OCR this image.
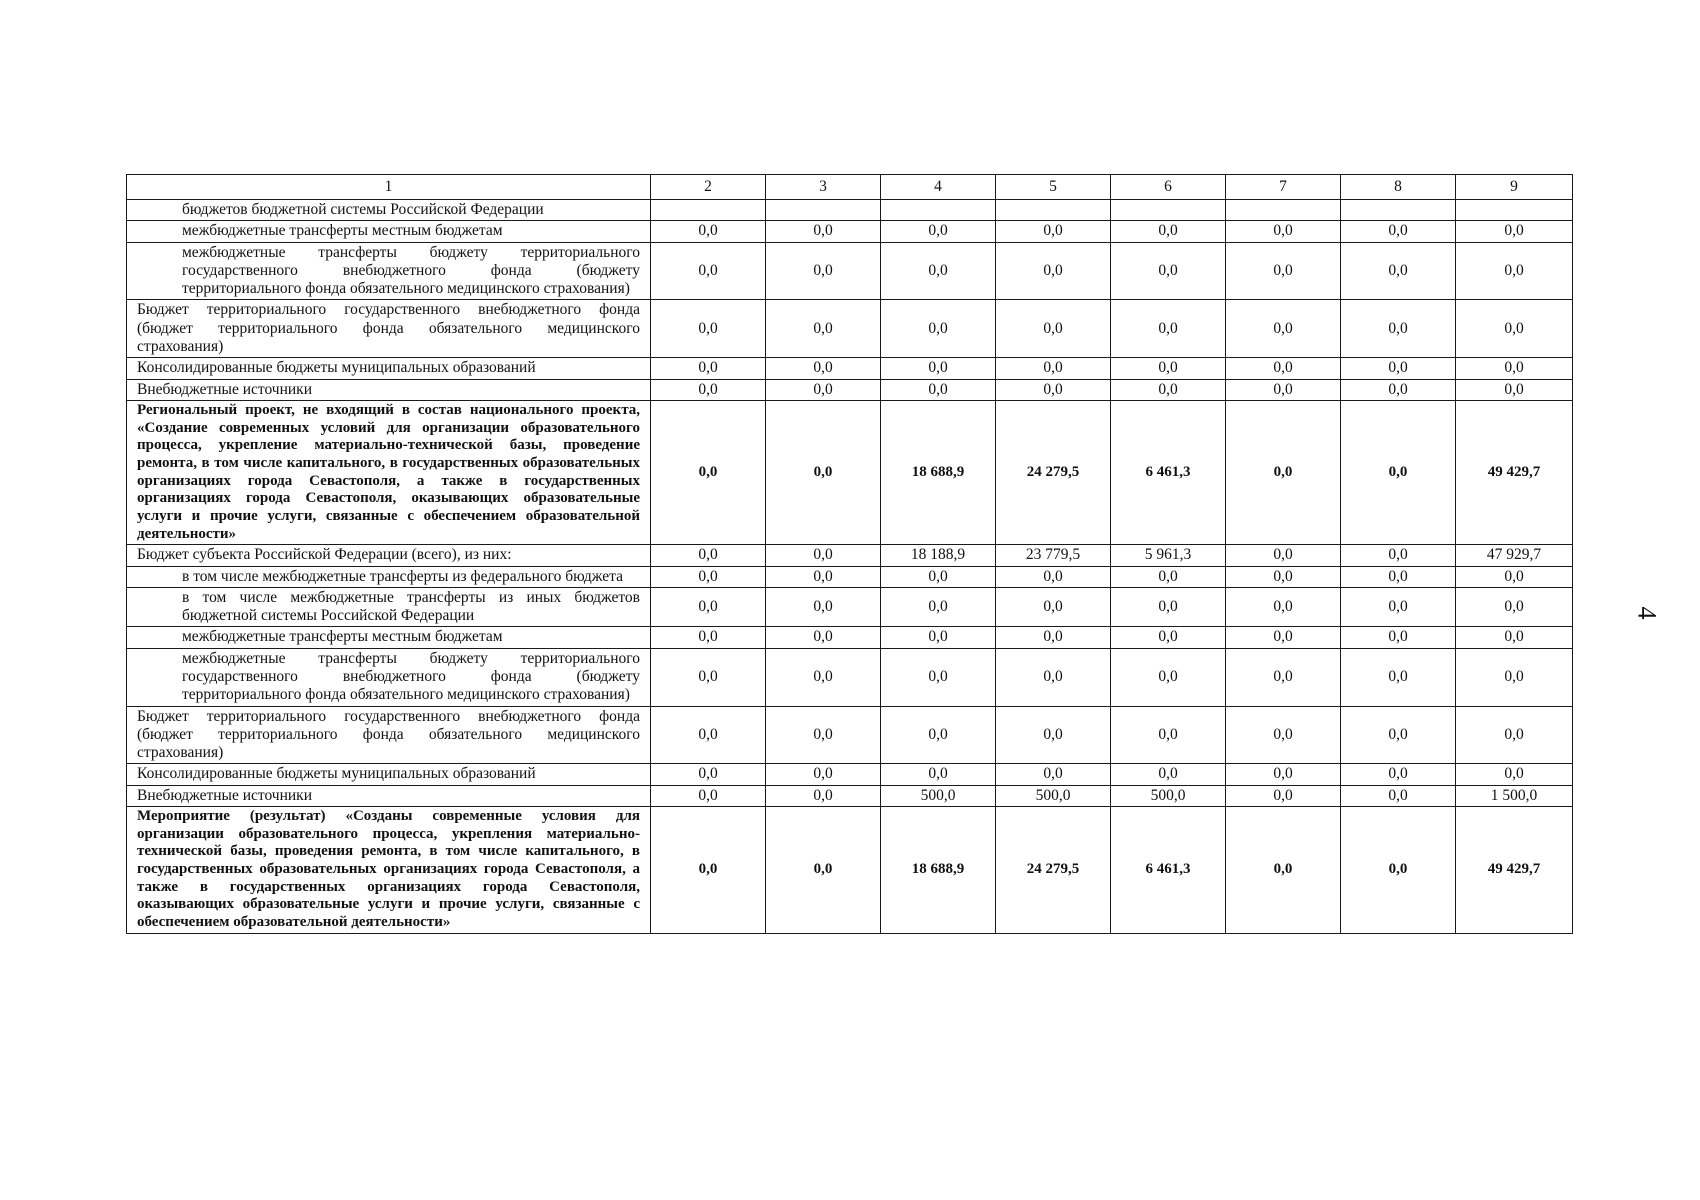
1	2	3	4	5	6	7	8	9
бюджетов бюджетной системы Российской Федерации								
межбюджетные трансферты местным бюджетам	0,0	0,0	0,0	0,0	0,0	0,0	0,0	0,0
межбюджетные трансферты бюджету территориального государственного внебюджетного фонда (бюджету территориального фонда обязательного медицинского страхования)	0,0	0,0	0,0	0,0	0,0	0,0	0,0	0,0
Бюджет территориального государственного внебюджетного фонда (бюджет территориального фонда обязательного медицинского страхования)	0,0	0,0	0,0	0,0	0,0	0,0	0,0	0,0
Консолидированные бюджеты муниципальных образований	0,0	0,0	0,0	0,0	0,0	0,0	0,0	0,0
Внебюджетные источники	0,0	0,0	0,0	0,0	0,0	0,0	0,0	0,0
Региональный проект, не входящий в состав национального проекта, «Создание современных условий для организации образовательного процесса, укрепление материально-технической базы, проведение ремонта, в том числе капитального, в государственных образовательных организациях города Севастополя, а также в государственных организациях города Севастополя, оказывающих образовательные услуги и прочие услуги, связанные с обеспечением образовательной деятельности»	0,0	0,0	18 688,9	24 279,5	6 461,3	0,0	0,0	49 429,7
Бюджет субъекта Российской Федерации (всего), из них:	0,0	0,0	18 188,9	23 779,5	5 961,3	0,0	0,0	47 929,7
в том числе межбюджетные трансферты из федерального бюджета	0,0	0,0	0,0	0,0	0,0	0,0	0,0	0,0
в том числе межбюджетные трансферты из иных бюджетов бюджетной системы Российской Федерации	0,0	0,0	0,0	0,0	0,0	0,0	0,0	0,0
межбюджетные трансферты местным бюджетам	0,0	0,0	0,0	0,0	0,0	0,0	0,0	0,0
межбюджетные трансферты бюджету территориального государственного внебюджетного фонда (бюджету территориального фонда обязательного медицинского страхования)	0,0	0,0	0,0	0,0	0,0	0,0	0,0	0,0
Бюджет территориального государственного внебюджетного фонда (бюджет территориального фонда обязательного медицинского страхования)	0,0	0,0	0,0	0,0	0,0	0,0	0,0	0,0
Консолидированные бюджеты муниципальных образований	0,0	0,0	0,0	0,0	0,0	0,0	0,0	0,0
Внебюджетные источники	0,0	0,0	500,0	500,0	500,0	0,0	0,0	1 500,0
Мероприятие (результат) «Созданы современные условия для организации образовательного процесса, укрепления материально-технической базы, проведения ремонта, в том числе капитального, в государственных образовательных организациях города Севастополя, а также в государственных организациях города Севастополя, оказывающих образовательные услуги и прочие услуги, связанные с обеспечением образовательной деятельности»	0,0	0,0	18 688,9	24 279,5	6 461,3	0,0	0,0	49 429,7
4
